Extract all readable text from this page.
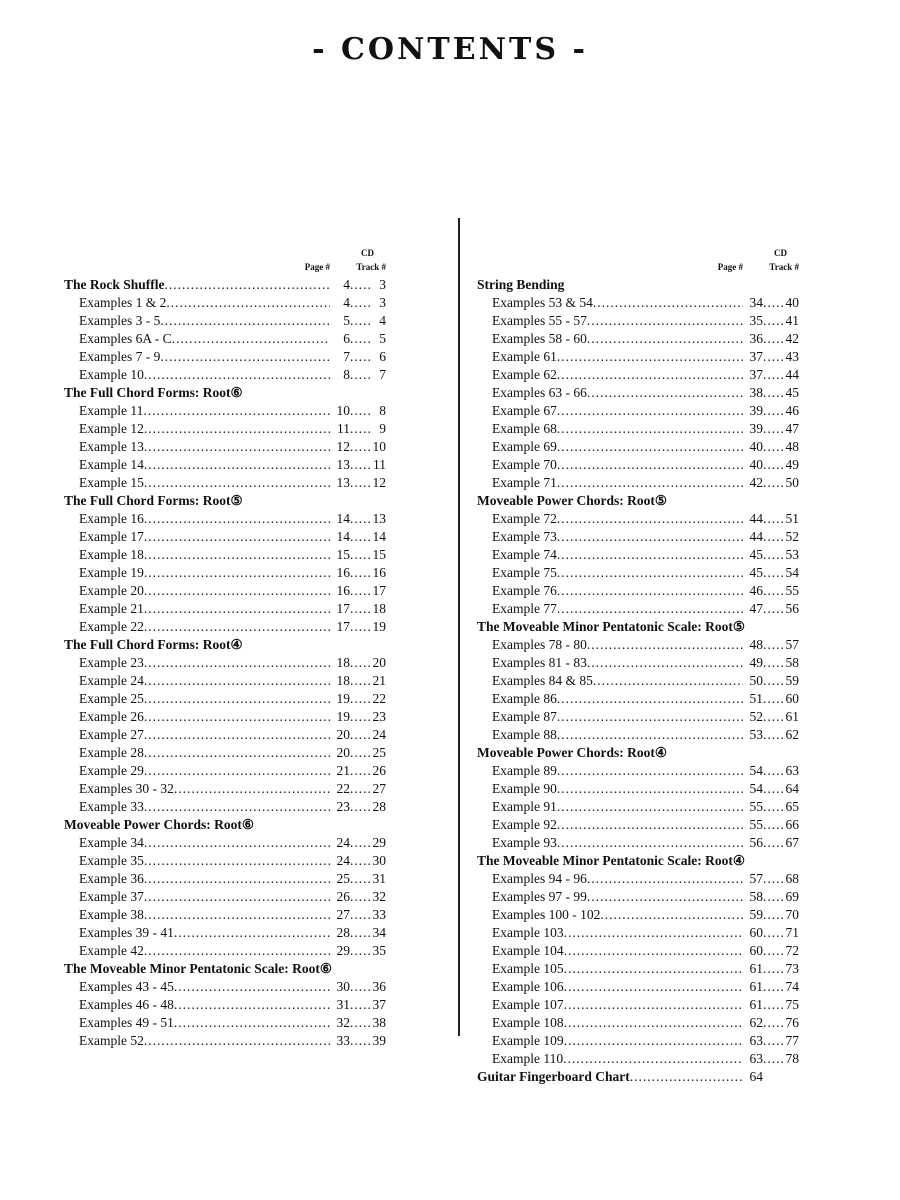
- CONTENTS -
CD
Page #	Track #
The Rock Shuffle .....	4 .....	3
Examples 1 & 2 .....	4 .....	3
Examples 3 - 5 .....	5 .....	4
Examples 6A - C .....	6 .....	5
Examples 7 - 9 .....	7 .....	6
Example 10 .....	8 .....	7
The Full Chord Forms: Root⑥
Example 11 .....	10 .....	8
Example 12 .....	11 .....	9
Example 13 .....	12 ..... 10
Example 14 .....	13 ..... 11
Example 15 .....	13 ..... 12
The Full Chord Forms: Root⑤
Example 16 .....	14 ..... 13
Example 17 .....	14 ..... 14
Example 18 .....	15 ..... 15
Example 19 .....	16 ..... 16
Example 20 .....	16 ..... 17
Example 21 .....	17 ..... 18
Example 22 .....	17 ..... 19
The Full Chord Forms: Root④
Example 23 .....	18 ..... 20
Example 24 .....	18 ..... 21
Example 25 .....	19 ..... 22
Example 26 .....	19 ..... 23
Example 27 .....	20 ..... 24
Example 28 .....	20 ..... 25
Example 29 .....	21 ..... 26
Examples 30 - 32 .....	22 ..... 27
Example 33 .....	23 ..... 28
Moveable Power Chords: Root⑥
Example 34 .....	24 ..... 29
Example 35 .....	24 ..... 30
Example 36 .....	25 ..... 31
Example 37 .....	26 ..... 32
Example 38 .....	27 ..... 33
Examples 39 - 41 .....	28 ..... 34
Example 42 .....	29 ..... 35
The Moveable Minor Pentatonic Scale: Root⑥
Examples 43 - 45 .....	30 ..... 36
Examples 46 - 48 .....	31 ..... 37
Examples 49 - 51 .....	32 ..... 38
Example 52 .....	33 ..... 39
CD
Page #	Track #
String Bending
Examples 53 & 54 .....	34 ..... 40
Examples 55 - 57 .....	35 ..... 41
Examples 58 - 60 .....	36 ..... 42
Example 61 .....	37 ..... 43
Example 62 .....	37 ..... 44
Examples 63 - 66 .....	38 ..... 45
Example 67 .....	39 ..... 46
Example 68 .....	39 ..... 47
Example 69 .....	40 ..... 48
Example 70 .....	40 ..... 49
Example 71 .....	42 ..... 50
Moveable Power Chords: Root⑤
Example 72 .....	44 ..... 51
Example 73 .....	44 ..... 52
Example 74 .....	45 ..... 53
Example 75 .....	45 ..... 54
Example 76 .....	46 ..... 55
Example 77 .....	47 ..... 56
The Moveable Minor Pentatonic Scale: Root⑤
Examples 78 - 80 .....	48 ..... 57
Examples 81 - 83 .....	49 ..... 58
Examples 84 & 85 .....	50 ..... 59
Example 86 .....	51 ..... 60
Example 87 .....	52 ..... 61
Example 88 .....	53 ..... 62
Moveable Power Chords: Root④
Example 89 .....	54 ..... 63
Example 90 .....	54 ..... 64
Example 91 .....	55 ..... 65
Example 92 .....	55 ..... 66
Example 93 .....	56 ..... 67
The Moveable Minor Pentatonic Scale: Root④
Examples 94 - 96 .....	57 ..... 68
Examples 97 - 99 .....	58 ..... 69
Examples 100 - 102 .....	59 ..... 70
Example 103 .....	60 ..... 71
Example 104 .....	60 ..... 72
Example 105 .....	61 ..... 73
Example 106 .....	61 ..... 74
Example 107 .....	61 ..... 75
Example 108 .....	62 ..... 76
Example 109 .....	63 ..... 77
Example 110 .....	63 ..... 78
Guitar Fingerboard Chart .....	64
